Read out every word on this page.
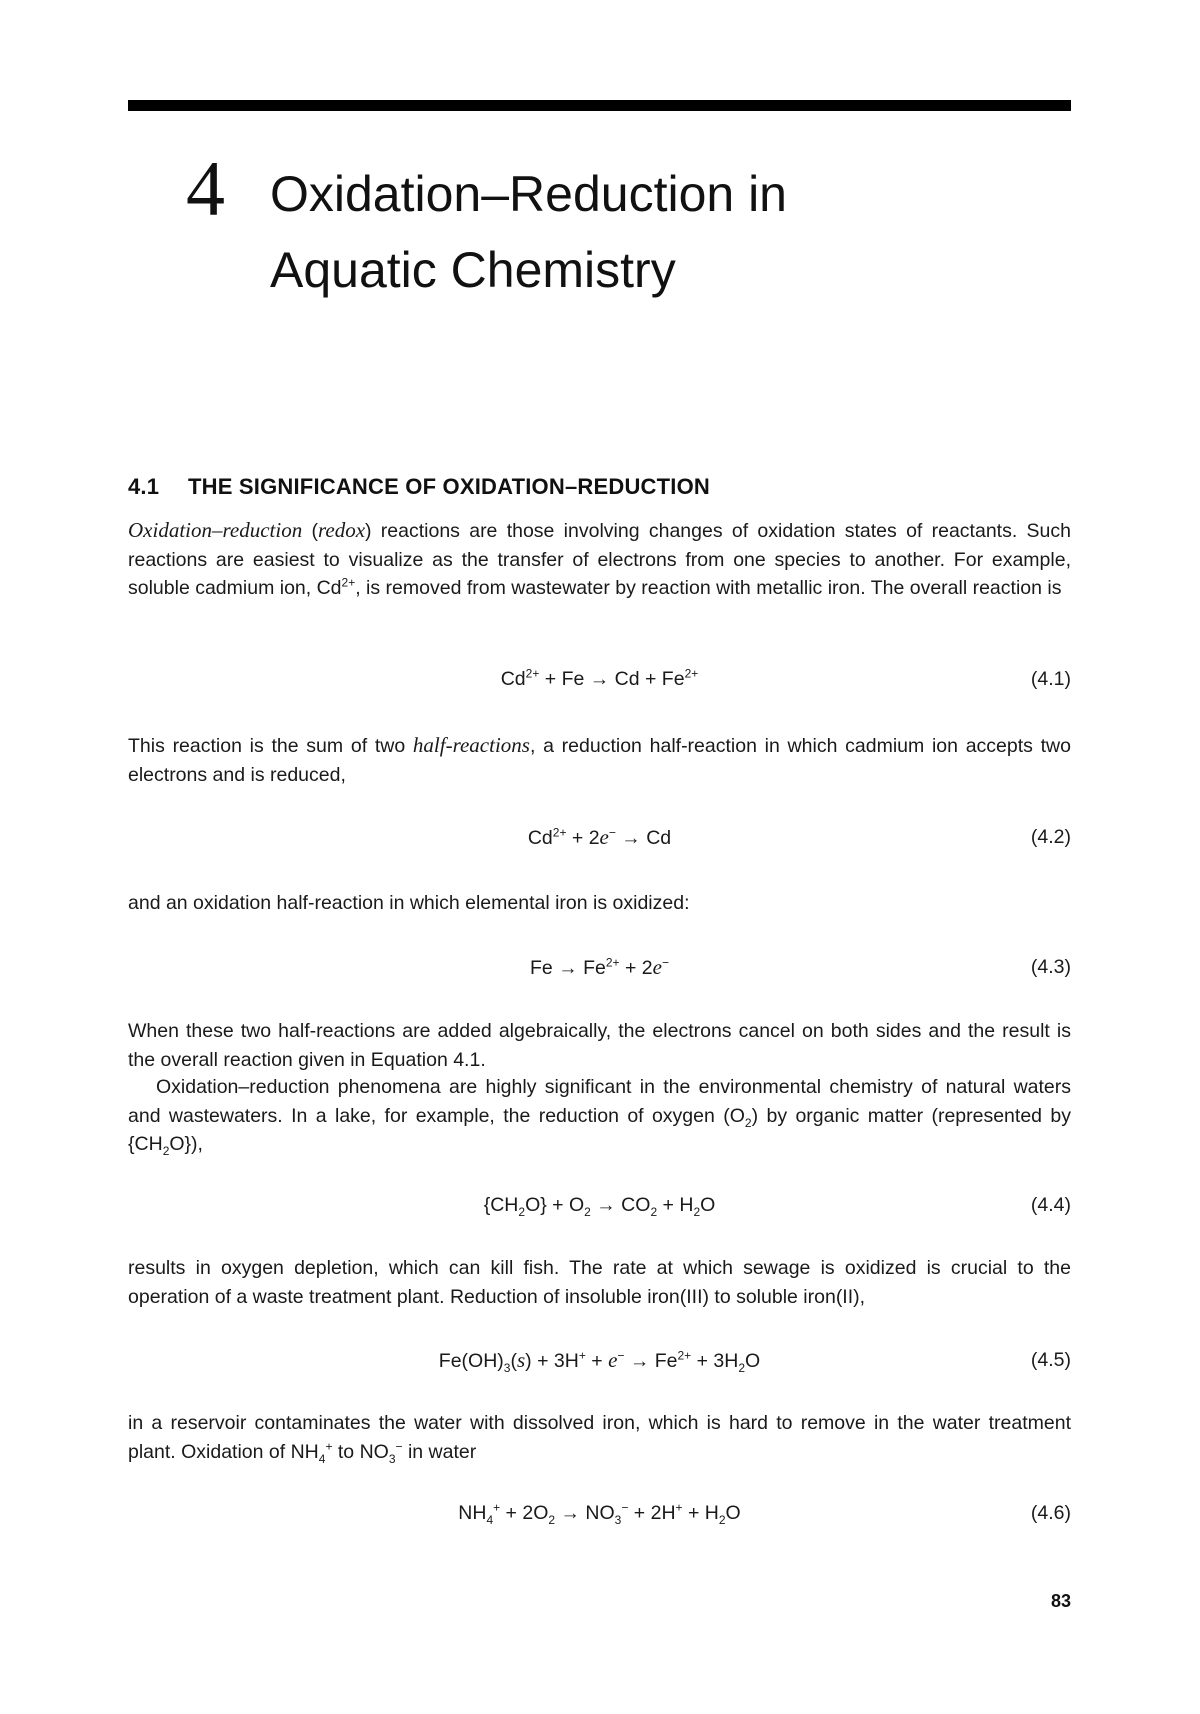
4 Oxidation–Reduction in
Aquatic Chemistry
4.1 THE SIGNIFICANCE OF OXIDATION–REDUCTION

Oxidation–reduction (redox) reactions are those involving changes of oxidation states of reactants. Such reactions are easiest to visualize as the transfer of electrons from one species to another. For example, soluble cadmium ion, $Cd^{2+}$, is removed from wastewater by reaction with metallic iron. The overall reaction is

$Cd^{2+} + Fe \to Cd + Fe^{2+}$	(4.1)

This reaction is the sum of two half-reactions, a reduction half-reaction in which cadmium ion accepts two electrons and is reduced,

$Cd^{2+} + 2e^- \to Cd$	(4.2)

and an oxidation half-reaction in which elemental iron is oxidized:

$Fe \to Fe^{2+} + 2e^-$	(4.3)

When these two half-reactions are added algebraically, the electrons cancel on both sides and the result is the overall reaction given in Equation 4.1.

Oxidation–reduction phenomena are highly significant in the environmental chemistry of natural waters and wastewaters. In a lake, for example, the reduction of oxygen $(O_2)$ by organic matter (represented by $\{CH_2O\}$),

$\{CH_2O\} + O_2 \to CO_2 + H_2O$	(4.4)

results in oxygen depletion, which can kill fish. The rate at which sewage is oxidized is crucial to the operation of a waste treatment plant. Reduction of insoluble iron(III) to soluble iron(II),

$Fe(OH)_3(s) + 3H^+ + e^- \to Fe^{2+} + 3H_2O$	(4.5)

in a reservoir contaminates the water with dissolved iron, which is hard to remove in the water treatment plant. Oxidation of $NH_4^+$ to $NO_3^-$ in water

$NH_4^+ + 2O_2 \to NO_3^- + 2H^+ + H_2O$	(4.6)
83
